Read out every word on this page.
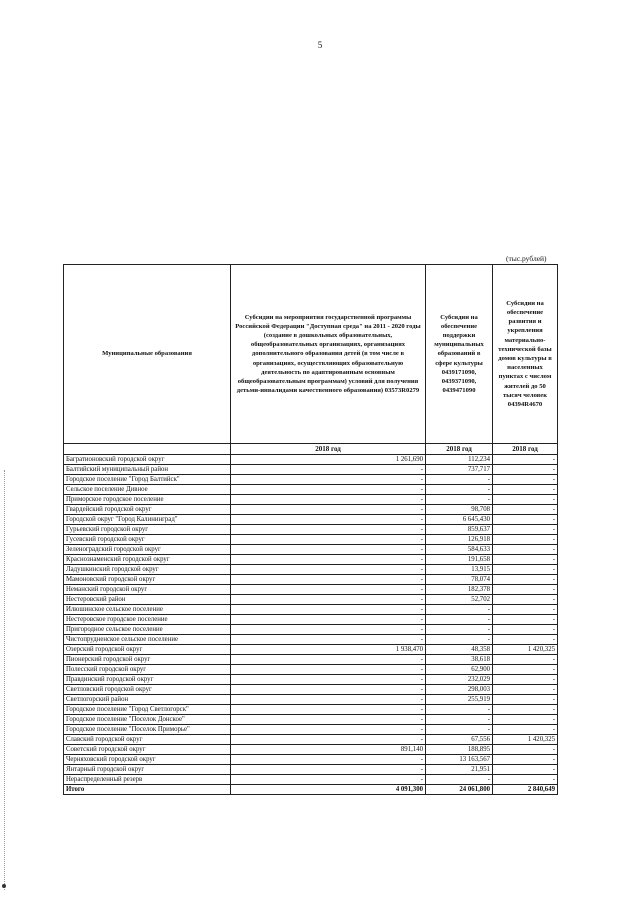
5
(тыс.рублей)
Муниципальные образования	Субсидии на мероприятия государственной программы Российской Федерации "Доступная среда" на 2011 - 2020 годы (создание в дошкольных образовательных, общеобразовательных организациях, организациях дополнительного образования детей (в том числе в организациях, осуществляющих образовательную деятельность по адаптированным основным общеобразовательным программам) условий для получения детьми-инвалидами качественного образования) 03573R0279	Субсидии на обеспечение поддержки муниципальных образований в сфере культуры 0439171090, 0439371090, 0439471090	Субсидии на обеспечение развития и укрепления материально-технической базы домов культуры в населенных пунктах с числом жителей до 50 тысяч человек 04394R4670
	2018 год	2018 год	2018 год
Багратионовский городской округ	1 261,690	112,234	-
Балтийский муниципальный район	-	737,717	-
Городское поселение "Город Балтийск"	-	-	-
Сельское поселение Дивное	-	-	-
Приморское городское поселение	-	-	-
Гвардейский городской округ	-	98,708	-
Городской округ "Город Калининград"	-	6 645,430	-
Гурьевский городской округ	-	859,637	-
Гусевский городской округ	-	126,918	-
Зеленоградский городской округ	-	584,633	-
Краснознаменский городской округ	-	191,658	-
Ладушкинский городской округ	-	13,915	-
Мамоновский городской округ	-	78,074	-
Неманский городской округ	-	182,378	-
Нестеровский район	-	52,702	-
Илюшинское сельское поселение	-	-	-
Нестеровское городское поселение	-	-	-
Пригородное сельское поселение	-	-	-
Чистопрудненское сельское поселение	-	-	-
Озерский городской округ	1 938,470	48,358	1 420,325
Пионерский городской округ	-	38,618	-
Полесский городской округ	-	62,900	-
Правдинский городской округ	-	232,029	-
Светловский городской округ	-	298,003	-
Светлогорский район	-	255,919	-
Городское поселение "Город Светлогорск"	-	-	-
Городское поселение "Поселок Донское"	-	-	-
Городское поселение "Поселок Приморье"	-	-	-
Славский городской округ	-	67,556	1 420,325
Советский городской округ	891,140	188,895	-
Черняховский городской округ	-	13 163,567	-
Янтарный городской округ	-	21,951	-
Нераспределенный резерв	-	-	-
Итого	4 091,300	24 061,800	2 840,649
